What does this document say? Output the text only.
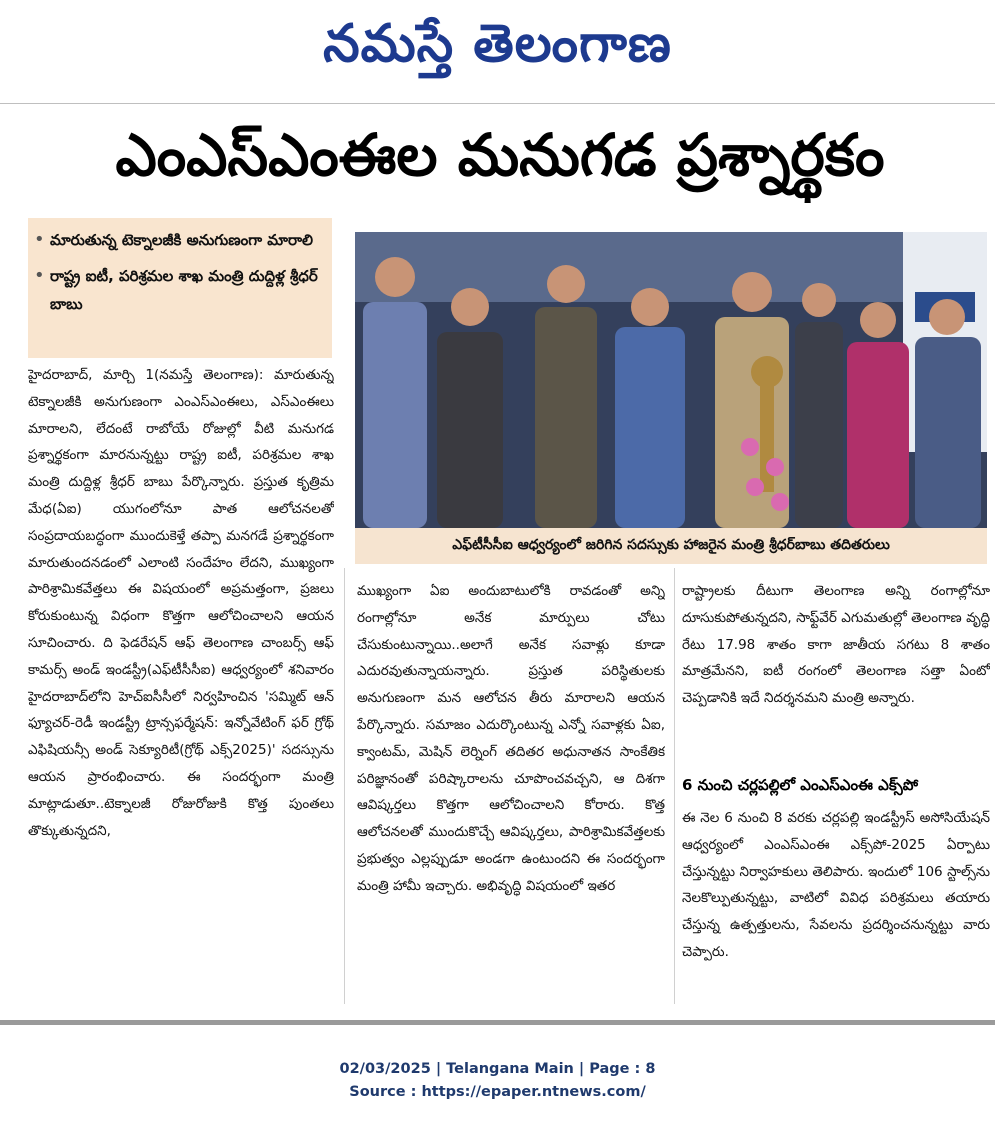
నమస్తే తెలంగాణ
ఎంఎస్‌ఎంఈల మనుగడ ప్రశ్నార్థకం
• మారుతున్న టెక్నాలజీకి అనుగుణంగా మారాలి
• రాష్ట్ర ఐటీ, పరిశ్రమల శాఖ మంత్రి దుద్దిళ్ల శ్రీధర్ బాబు
ఎఫ్‌టీసీసీఐ ఆధ్వర్యంలో జరిగిన సదస్సుకు హాజరైన మంత్రి శ్రీధర్‌బాబు తదితరులు
హైదరాబాద్, మార్చి 1(నమస్తే తెలంగాణ): మారుతున్న టెక్నాలజీకి అనుగుణంగా ఎంఎస్‌ఎంఈలు, ఎస్‌ఎంఈలు మారాలని, లేదంటే రాబోయే రోజుల్లో వీటి మనుగడ ప్రశ్నార్థకంగా మారనున్నట్టు రాష్ట్ర ఐటీ, పరిశ్రమల శాఖ మంత్రి దుద్దిళ్ల శ్రీధర్ బాబు పేర్కొన్నారు. ప్రస్తుత కృత్రిమ మేధ(ఏఐ) యుగంలోనూ పాత ఆలోచనలతో సంప్రదాయబద్ధంగా ముందుకెళ్తే తప్పా మనగడే ప్రశ్నార్థకంగా మారుతుందనడంలో ఎలాంటి సందేహం లేదని, ముఖ్యంగా పారిశ్రామికవేత్తలు ఈ విషయంలో అప్రమత్తంగా, ప్రజలు కోరుకుంటున్న విధంగా కొత్తగా ఆలోచించాలని ఆయన సూచించారు. ది ఫెడరేషన్ ఆఫ్ తెలంగాణ చాంబర్స్ ఆఫ్ కామర్స్ అండ్ ఇండస్ట్రీ(ఎఫ్‌టీసీసీఐ) ఆధ్వర్యంలో శనివారం హైదరాబాద్‌లోని హెచ్‌ఐసీసీలో నిర్వహించిన 'సమ్మిట్ ఆన్ ఫ్యూచర్-రెడీ ఇండస్ట్రీ ట్రాన్సఫర్మేషన్: ఇన్నోవేటింగ్ ఫర్ గ్రోథ్ ఎఫిషియన్సీ అండ్ సెక్యూరిటీ(గ్రోథ్ ఎక్స్2025)' సదస్సును ఆయన ప్రారంభించారు. ఈ సందర్భంగా మంత్రి మాట్లాడుతూ..టెక్నాలజీ రోజురోజుకి కొత్త పుంతలు తొక్కుతున్నదని,
ముఖ్యంగా ఏఐ అందుబాటులోకి రావడంతో అన్ని రంగాల్లోనూ అనేక మార్పులు చోటు చేసుకుంటున్నాయి..అలాగే అనేక సవాళ్లు కూడా ఎదురవుతున్నాయన్నారు. ప్రస్తుత పరిస్థితులకు అనుగుణంగా మన ఆలోచన తీరు మారాలని ఆయన పేర్కొన్నారు. సమాజం ఎదుర్కొంటున్న ఎన్నో సవాళ్లకు ఏఐ, క్వాంటమ్, మెషిన్ లెర్నింగ్ తదితర అధునాతన సాంకేతిక పరిజ్ఞానంతో పరిష్కారాలను చూపొంచవచ్చని, ఆ దిశగా ఆవిష్కర్తలు కొత్తగా ఆలోచించాలని కోరారు. కొత్త ఆలోచనలతో ముందుకొచ్చే ఆవిష్కర్తలు, పారిశ్రామికవేత్తలకు ప్రభుత్వం ఎల్లప్పుడూ అండగా ఉంటుందని ఈ సందర్భంగా మంత్రి హామీ ఇచ్చారు. అభివృద్ధి విషయంలో ఇతర
రాష్ట్రాలకు దీటుగా తెలంగాణ అన్ని రంగాల్లోనూ దూసుకుపోతున్నదని, సాఫ్ట్‌వేర్ ఎగుమతుల్లో తెలంగాణ వృద్ధి రేటు 17.98 శాతం కాగా జాతీయ సగటు 8 శాతం మాత్రమేనని, ఐటీ రంగంలో తెలంగాణ సత్తా ఏంటో చెప్పడానికి ఇదే నిదర్శనమని మంత్రి అన్నారు.
6 నుంచి చర్లపల్లిలో ఎంఎస్‌ఎంఈ ఎక్స్‌పో
ఈ నెల 6 నుంచి 8 వరకు చర్లపల్లి ఇండస్ట్రీస్ అసోసియేషన్ ఆధ్వర్యంలో ఎంఎస్‌ఎంఈ ఎక్స్‌పో-2025 ఏర్పాటు చేస్తున్నట్టు నిర్వాహకులు తెలిపారు. ఇందులో 106 స్టాల్స్‌ను నెలకొల్పుతున్నట్టు, వాటిలో వివిధ పరిశ్రమలు తయారు చేస్తున్న ఉత్పత్తులను, సేవలను ప్రదర్శించనున్నట్టు వారు చెప్పారు.
02/03/2025 | Telangana Main | Page : 8
Source : https://epaper.ntnews.com/
